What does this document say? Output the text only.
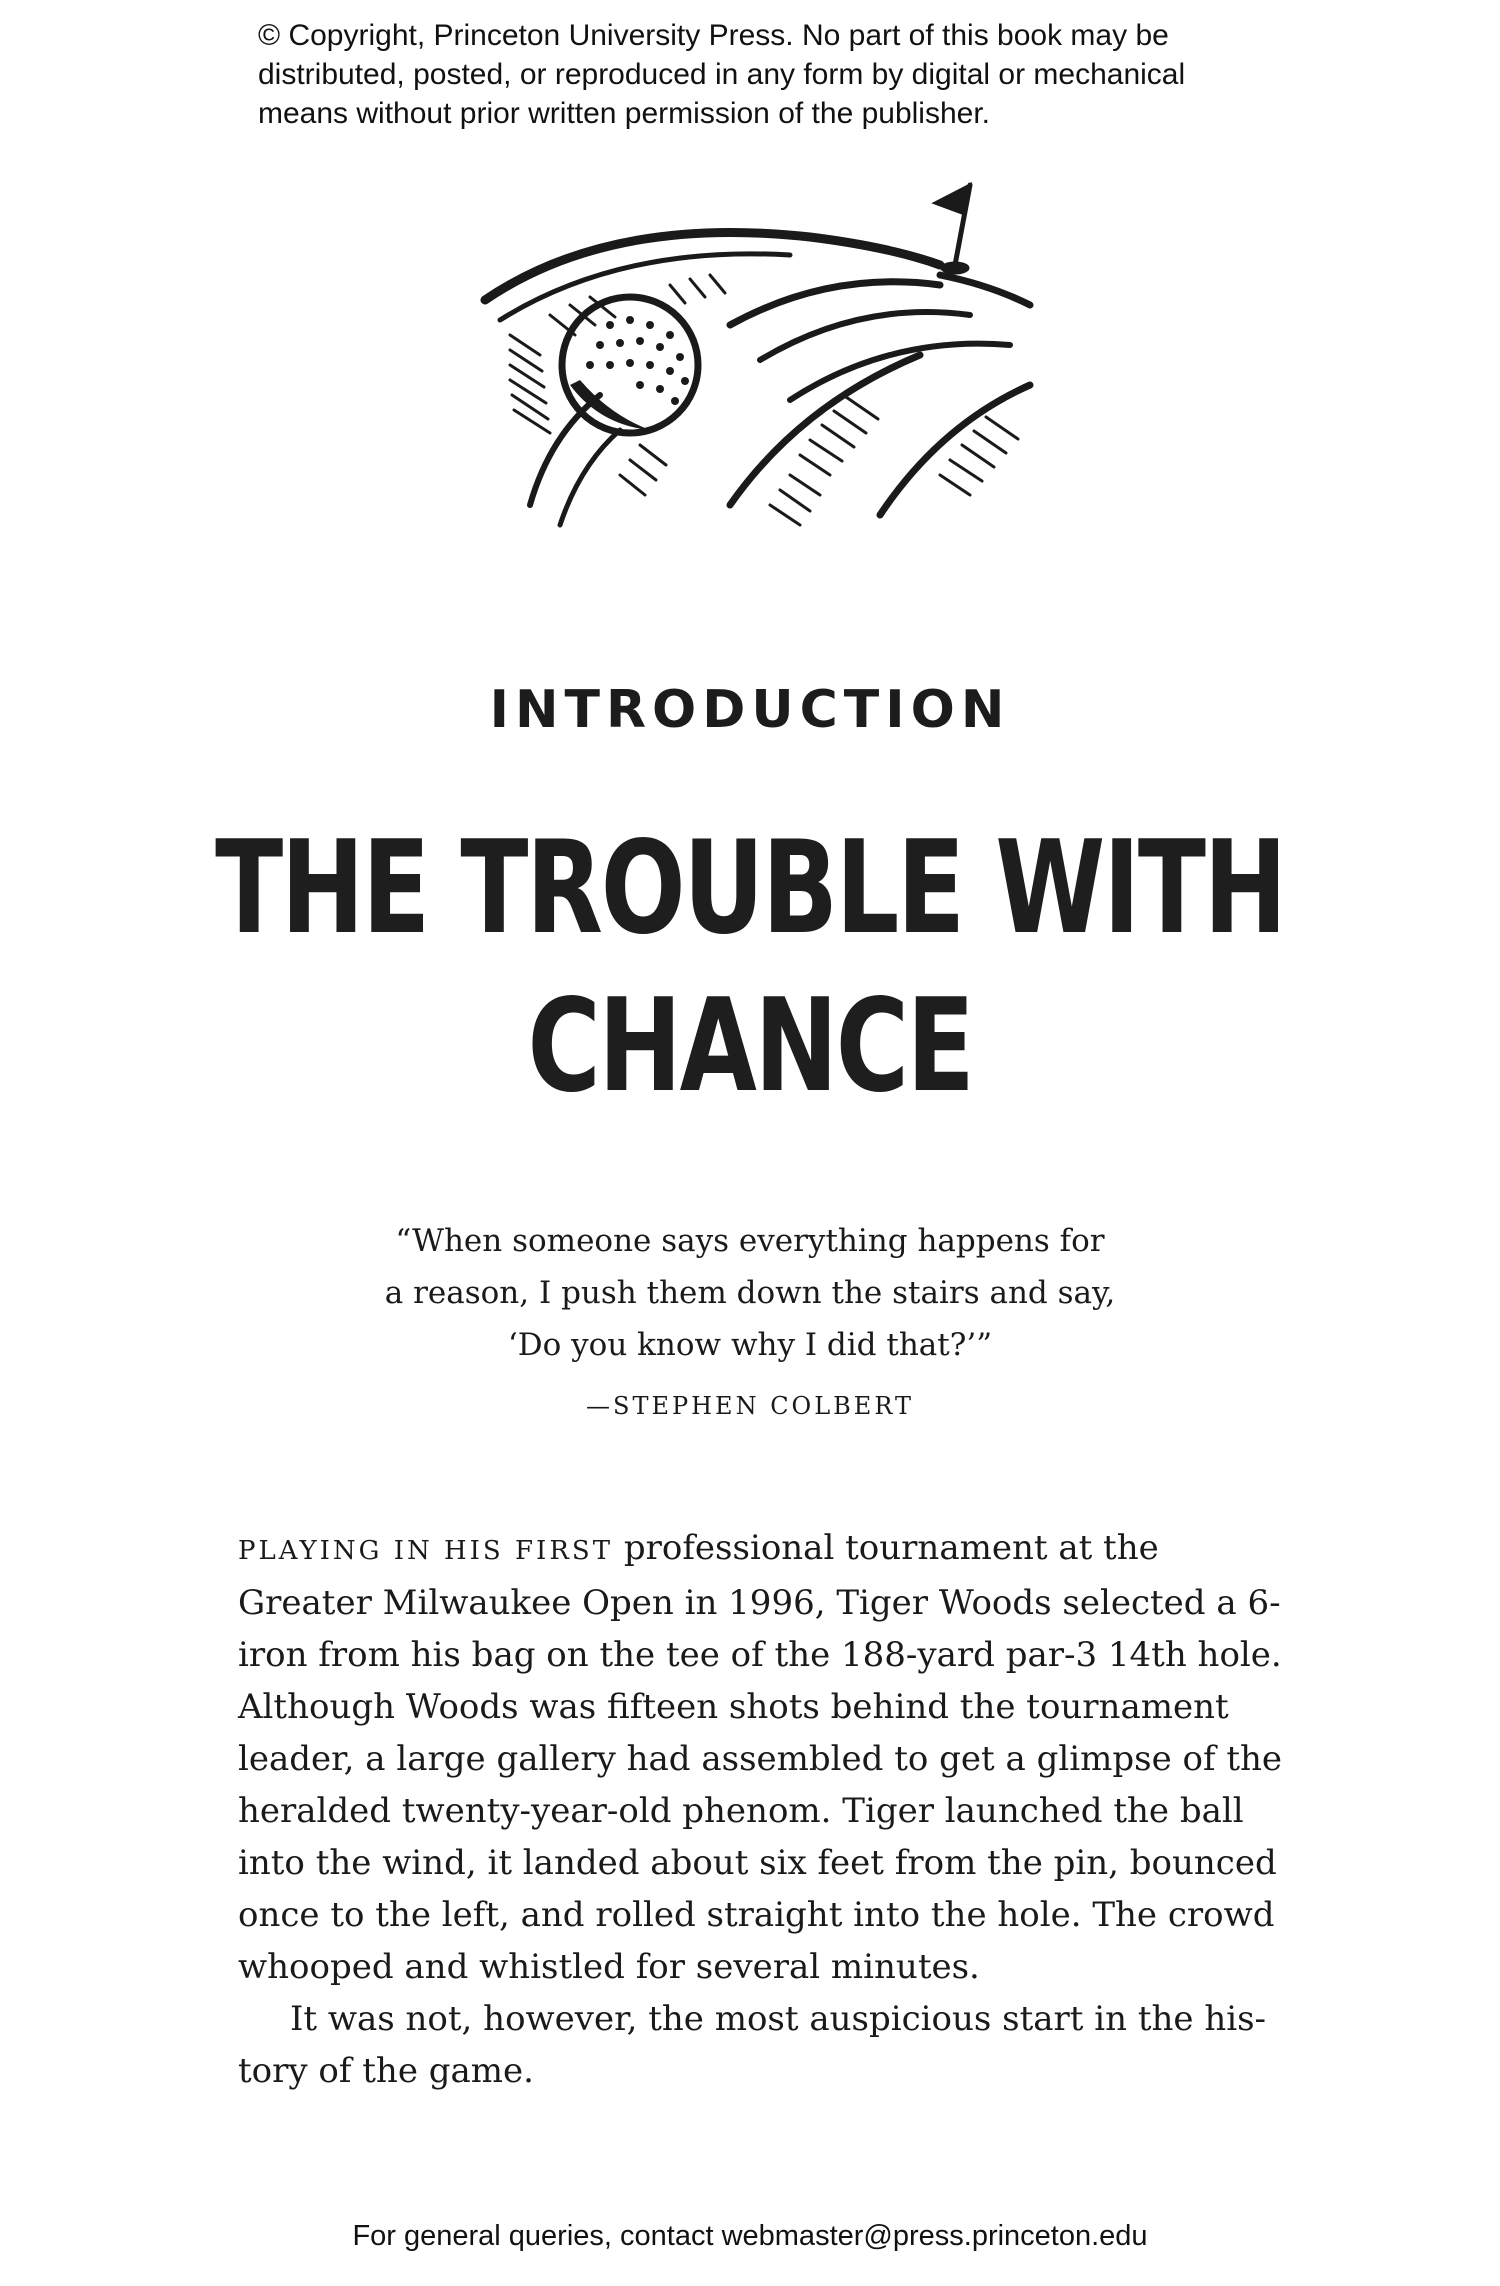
© Copyright, Princeton University Press. No part of this book may be
distributed, posted, or reproduced in any form by digital or mechanical
means without prior written permission of the publisher.
INTRODUCTION
THE TROUBLE WITH
CHANCE
“When someone says everything happens for
a reason, I push them down the stairs and say,
‘Do you know why I did that?’”
—STEPHEN COLBERT
PLAYING IN HIS FIRST professional tournament at the
Greater Milwaukee Open in 1996, Tiger Woods selected a 6-
iron from his bag on the tee of the 188-yard par-3 14th hole.
Although Woods was fifteen shots behind the tournament
leader, a large gallery had assembled to get a glimpse of the
heralded twenty-year-old phenom. Tiger launched the ball
into the wind, it landed about six feet from the pin, bounced
once to the left, and rolled straight into the hole. The crowd
whooped and whistled for several minutes.
It was not, however, the most auspicious start in the his-
tory of the game.
For general queries, contact webmaster@press.princeton.edu
